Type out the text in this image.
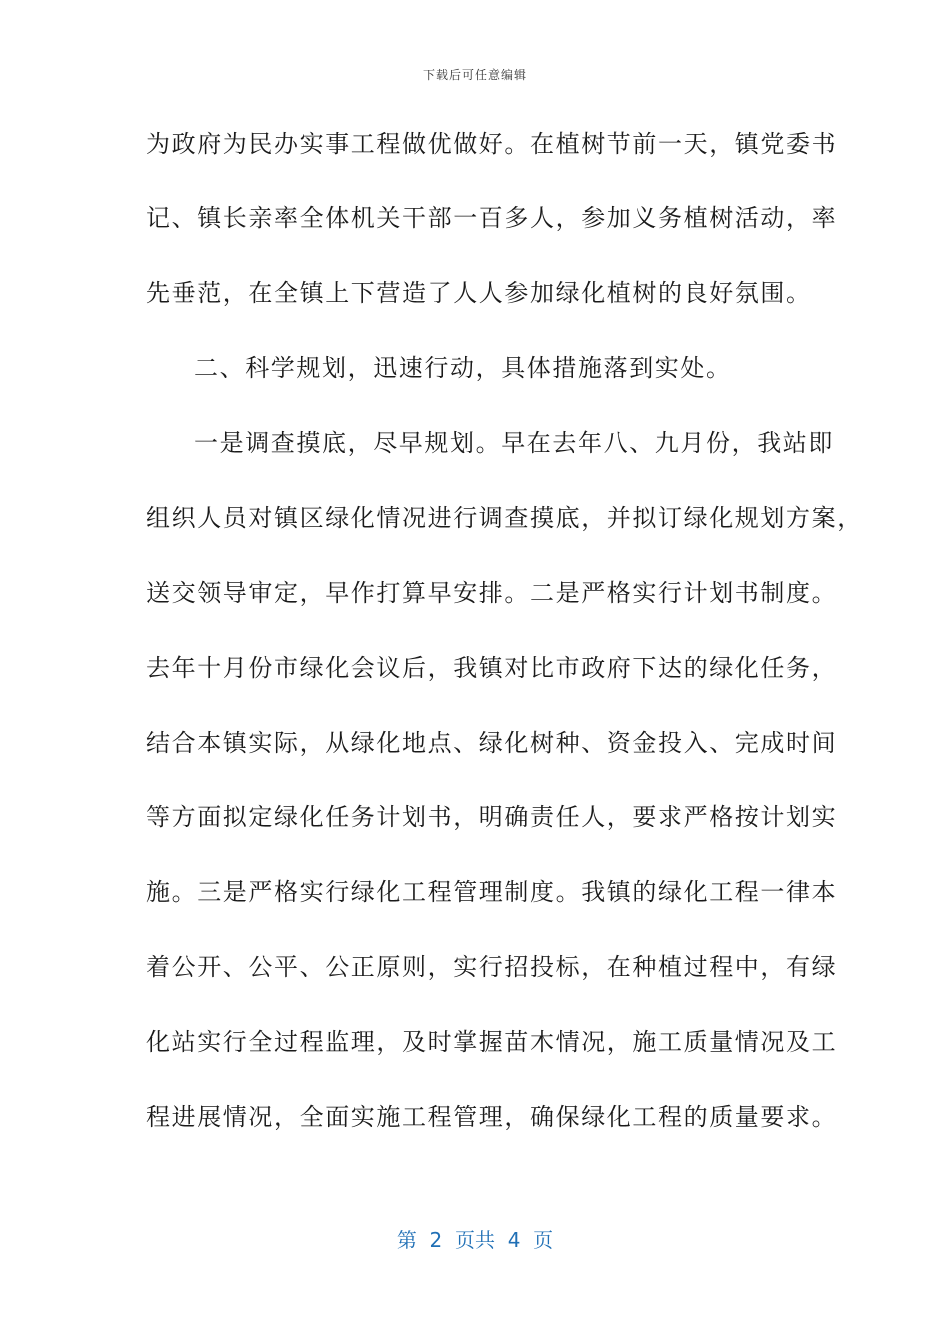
下载后可任意编辑
为政府为民办实事工程做优做好。在植树节前一天，镇党委书
记、镇长亲率全体机关干部一百多人，参加义务植树活动，率
先垂范，在全镇上下营造了人人参加绿化植树的良好氛围。
二、科学规划，迅速行动，具体措施落到实处。
一是调查摸底，尽早规划。早在去年八、九月份，我站即
组织人员对镇区绿化情况进行调查摸底，并拟订绿化规划方案，
送交领导审定，早作打算早安排。二是严格实行计划书制度。
去年十月份市绿化会议后，我镇对比市政府下达的绿化任务，
结合本镇实际，从绿化地点、绿化树种、资金投入、完成时间
等方面拟定绿化任务计划书，明确责任人，要求严格按计划实
施。三是严格实行绿化工程管理制度。我镇的绿化工程一律本
着公开、公平、公正原则，实行招投标，在种植过程中，有绿
化站实行全过程监理，及时掌握苗木情况，施工质量情况及工
程进展情况，全面实施工程管理，确保绿化工程的质量要求。
第  2  页共  4  页
